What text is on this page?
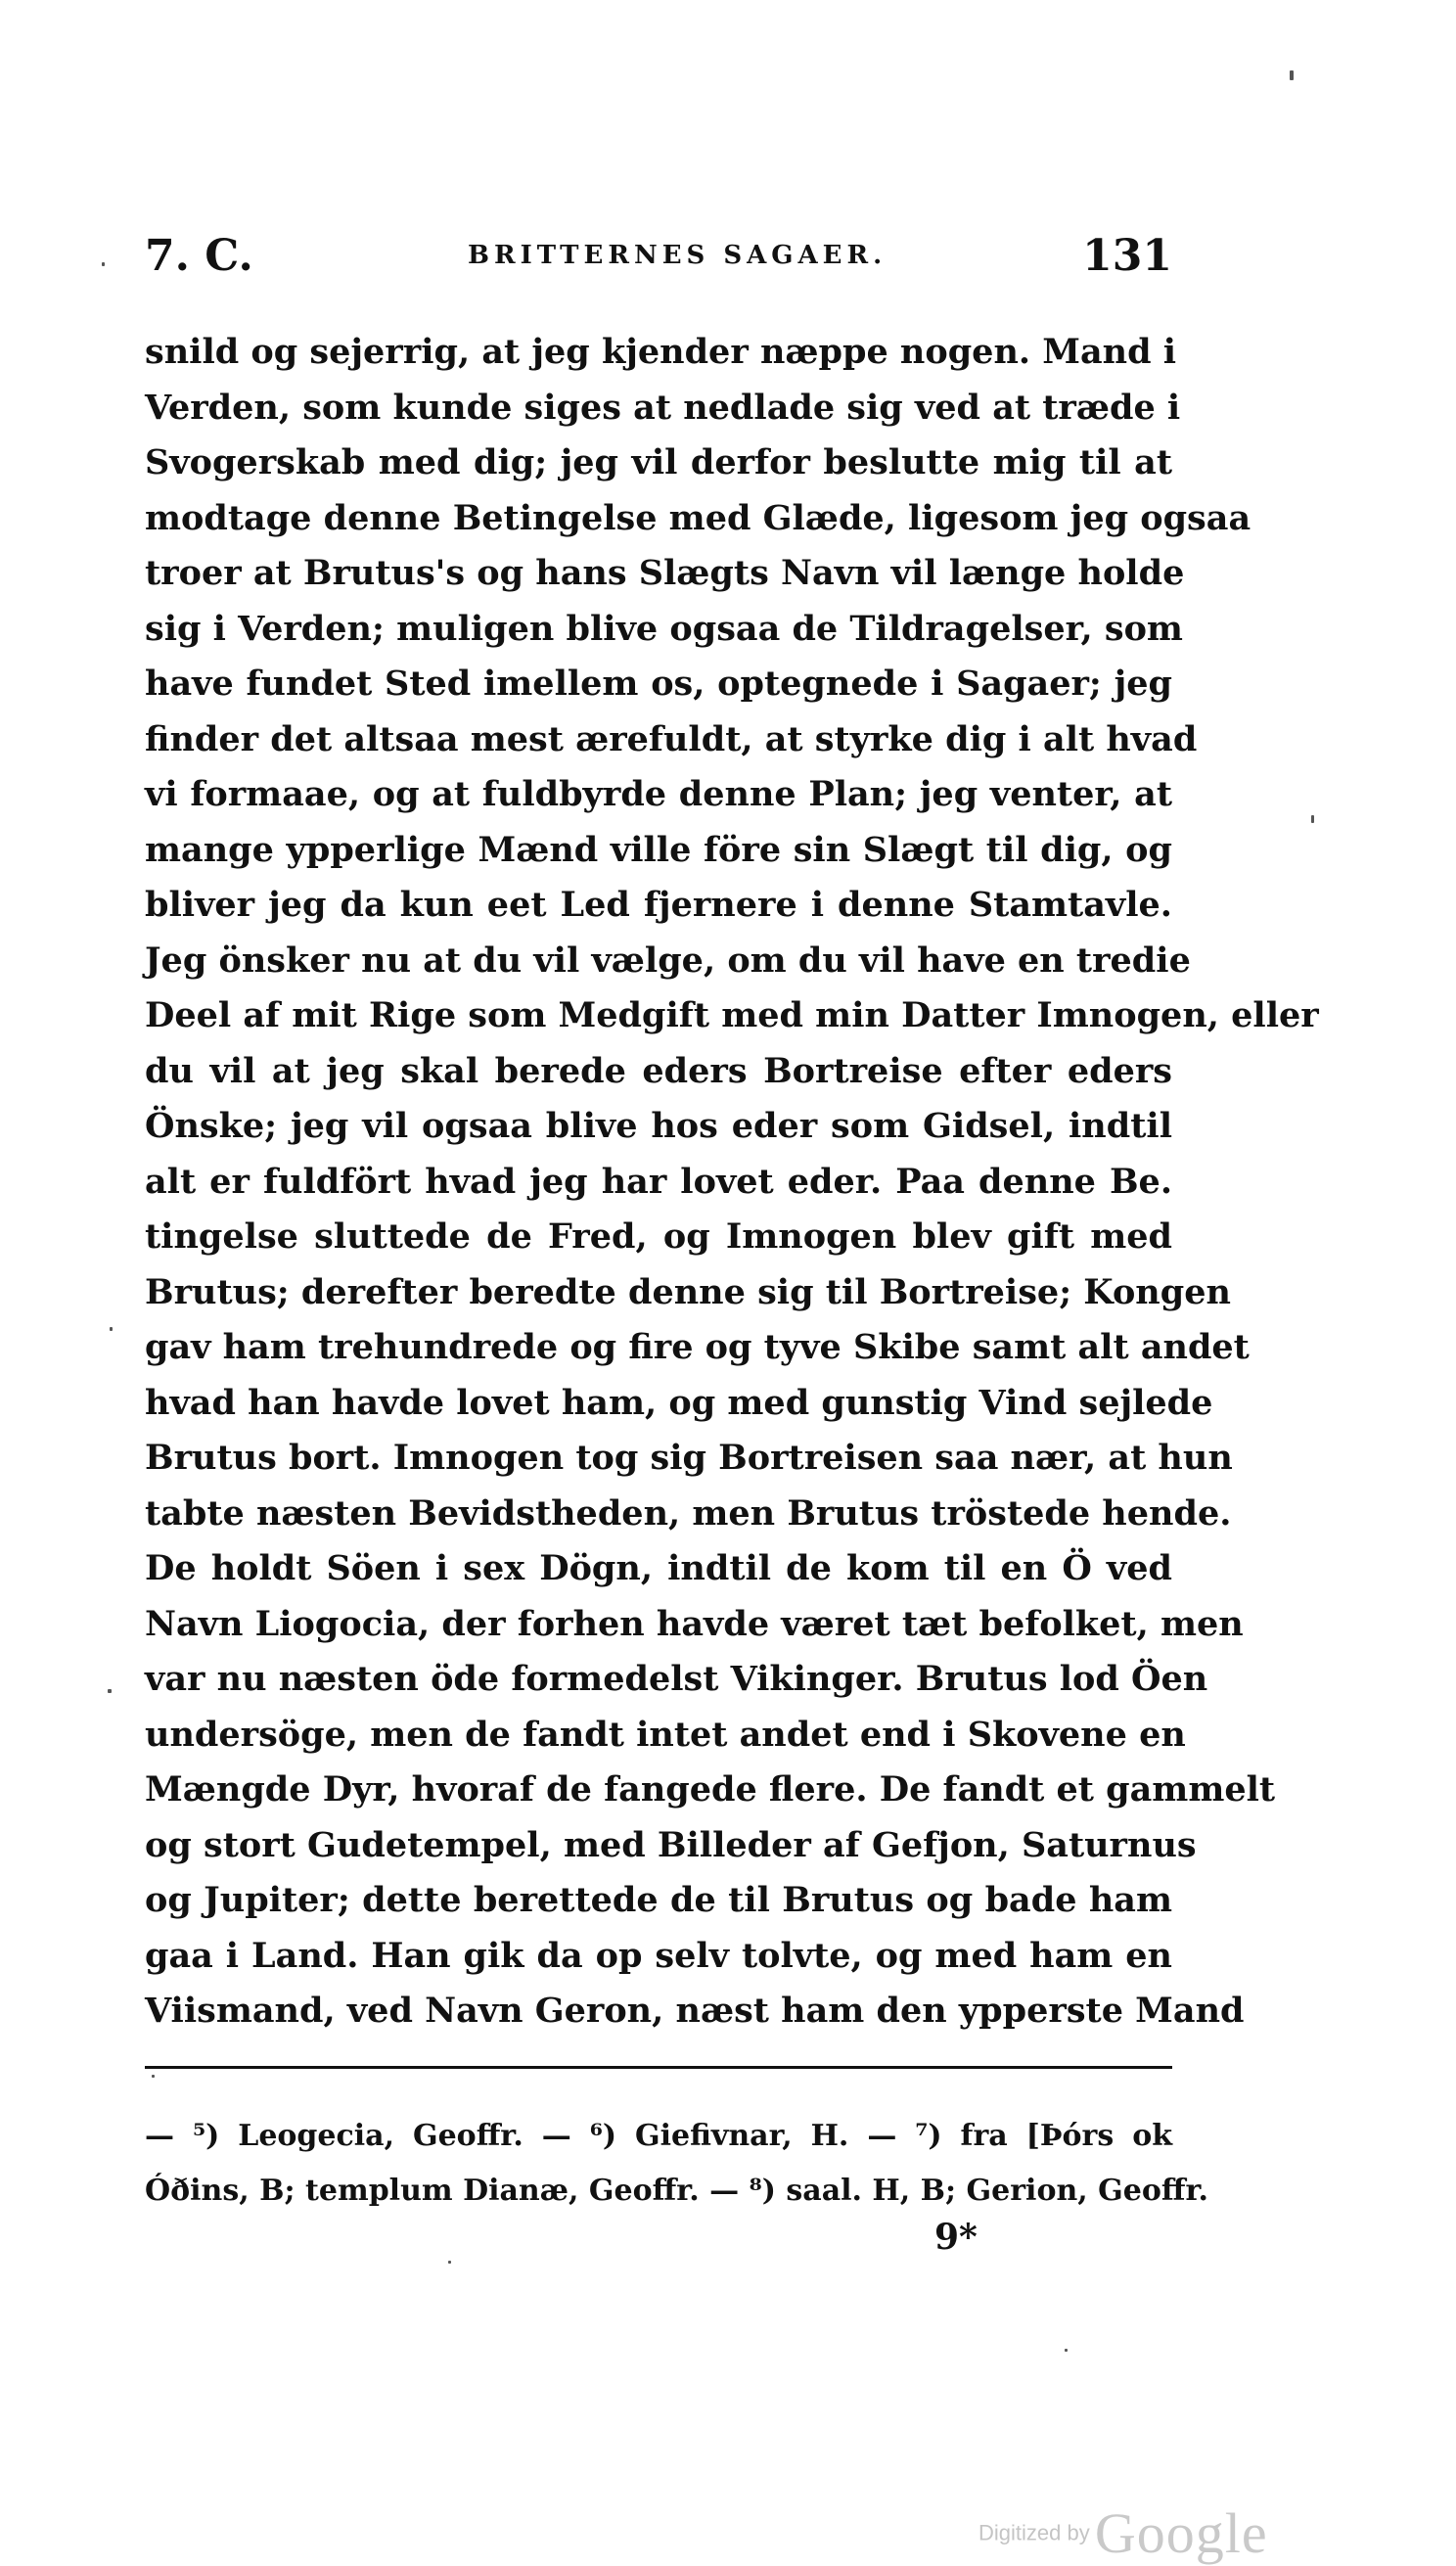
7. C.	BRITTERNES SAGAER.	131
snild og sejerrig, at jeg kjender næppe nogen. Mand i
Verden, som kunde siges at nedlade sig ved at træde i
Svogerskab med dig; jeg vil derfor beslutte mig til at
modtage denne Betingelse med Glæde, ligesom jeg ogsaa
troer at Brutus's og hans Slægts Navn vil længe holde
sig i Verden; muligen blive ogsaa de Tildragelser, som
have fundet Sted imellem os, optegnede i Sagaer; jeg
finder det altsaa mest ærefuldt, at styrke dig i alt hvad
vi formaae, og at fuldbyrde denne Plan; jeg venter, at
mange ypperlige Mænd ville före sin Slægt til dig, og
bliver jeg da kun eet Led fjernere i denne Stamtavle.
Jeg önsker nu at du vil vælge, om du vil have en tredie
Deel af mit Rige som Medgift med min Datter Imnogen, eller
du vil at jeg skal berede eders Bortreise efter eders
Önske; jeg vil ogsaa blive hos eder som Gidsel, indtil
alt er fuldfört hvad jeg har lovet eder. Paa denne Be.
tingelse sluttede de Fred, og Imnogen blev gift med
Brutus; derefter beredte denne sig til Bortreise; Kongen
gav ham trehundrede og fire og tyve Skibe samt alt andet
hvad han havde lovet ham, og med gunstig Vind sejlede
Brutus bort. Imnogen tog sig Bortreisen saa nær, at hun
tabte næsten Bevidstheden, men Brutus tröstede hende.
De holdt Söen i sex Dögn, indtil de kom til en Ö ved
Navn Liogocia, der forhen havde været tæt befolket, men
var nu næsten öde formedelst Vikinger. Brutus lod Öen
undersöge, men de fandt intet andet end i Skovene en
Mængde Dyr, hvoraf de fangede flere. De fandt et gammelt
og stort Gudetempel, med Billeder af Gefjon, Saturnus
og Jupiter; dette berettede de til Brutus og bade ham
gaa i Land. Han gik da op selv tolvte, og med ham en
Viismand, ved Navn Geron, næst ham den ypperste Mand
— ⁵) Leogecia, Geoffr. — ⁶) Giefivnar, H. — ⁷) fra [Þórs ok
Óðins, B; templum Dianæ, Geoffr. — ⁸) saal. H, B; Gerion, Geoffr.
9*
Digitized by Google
